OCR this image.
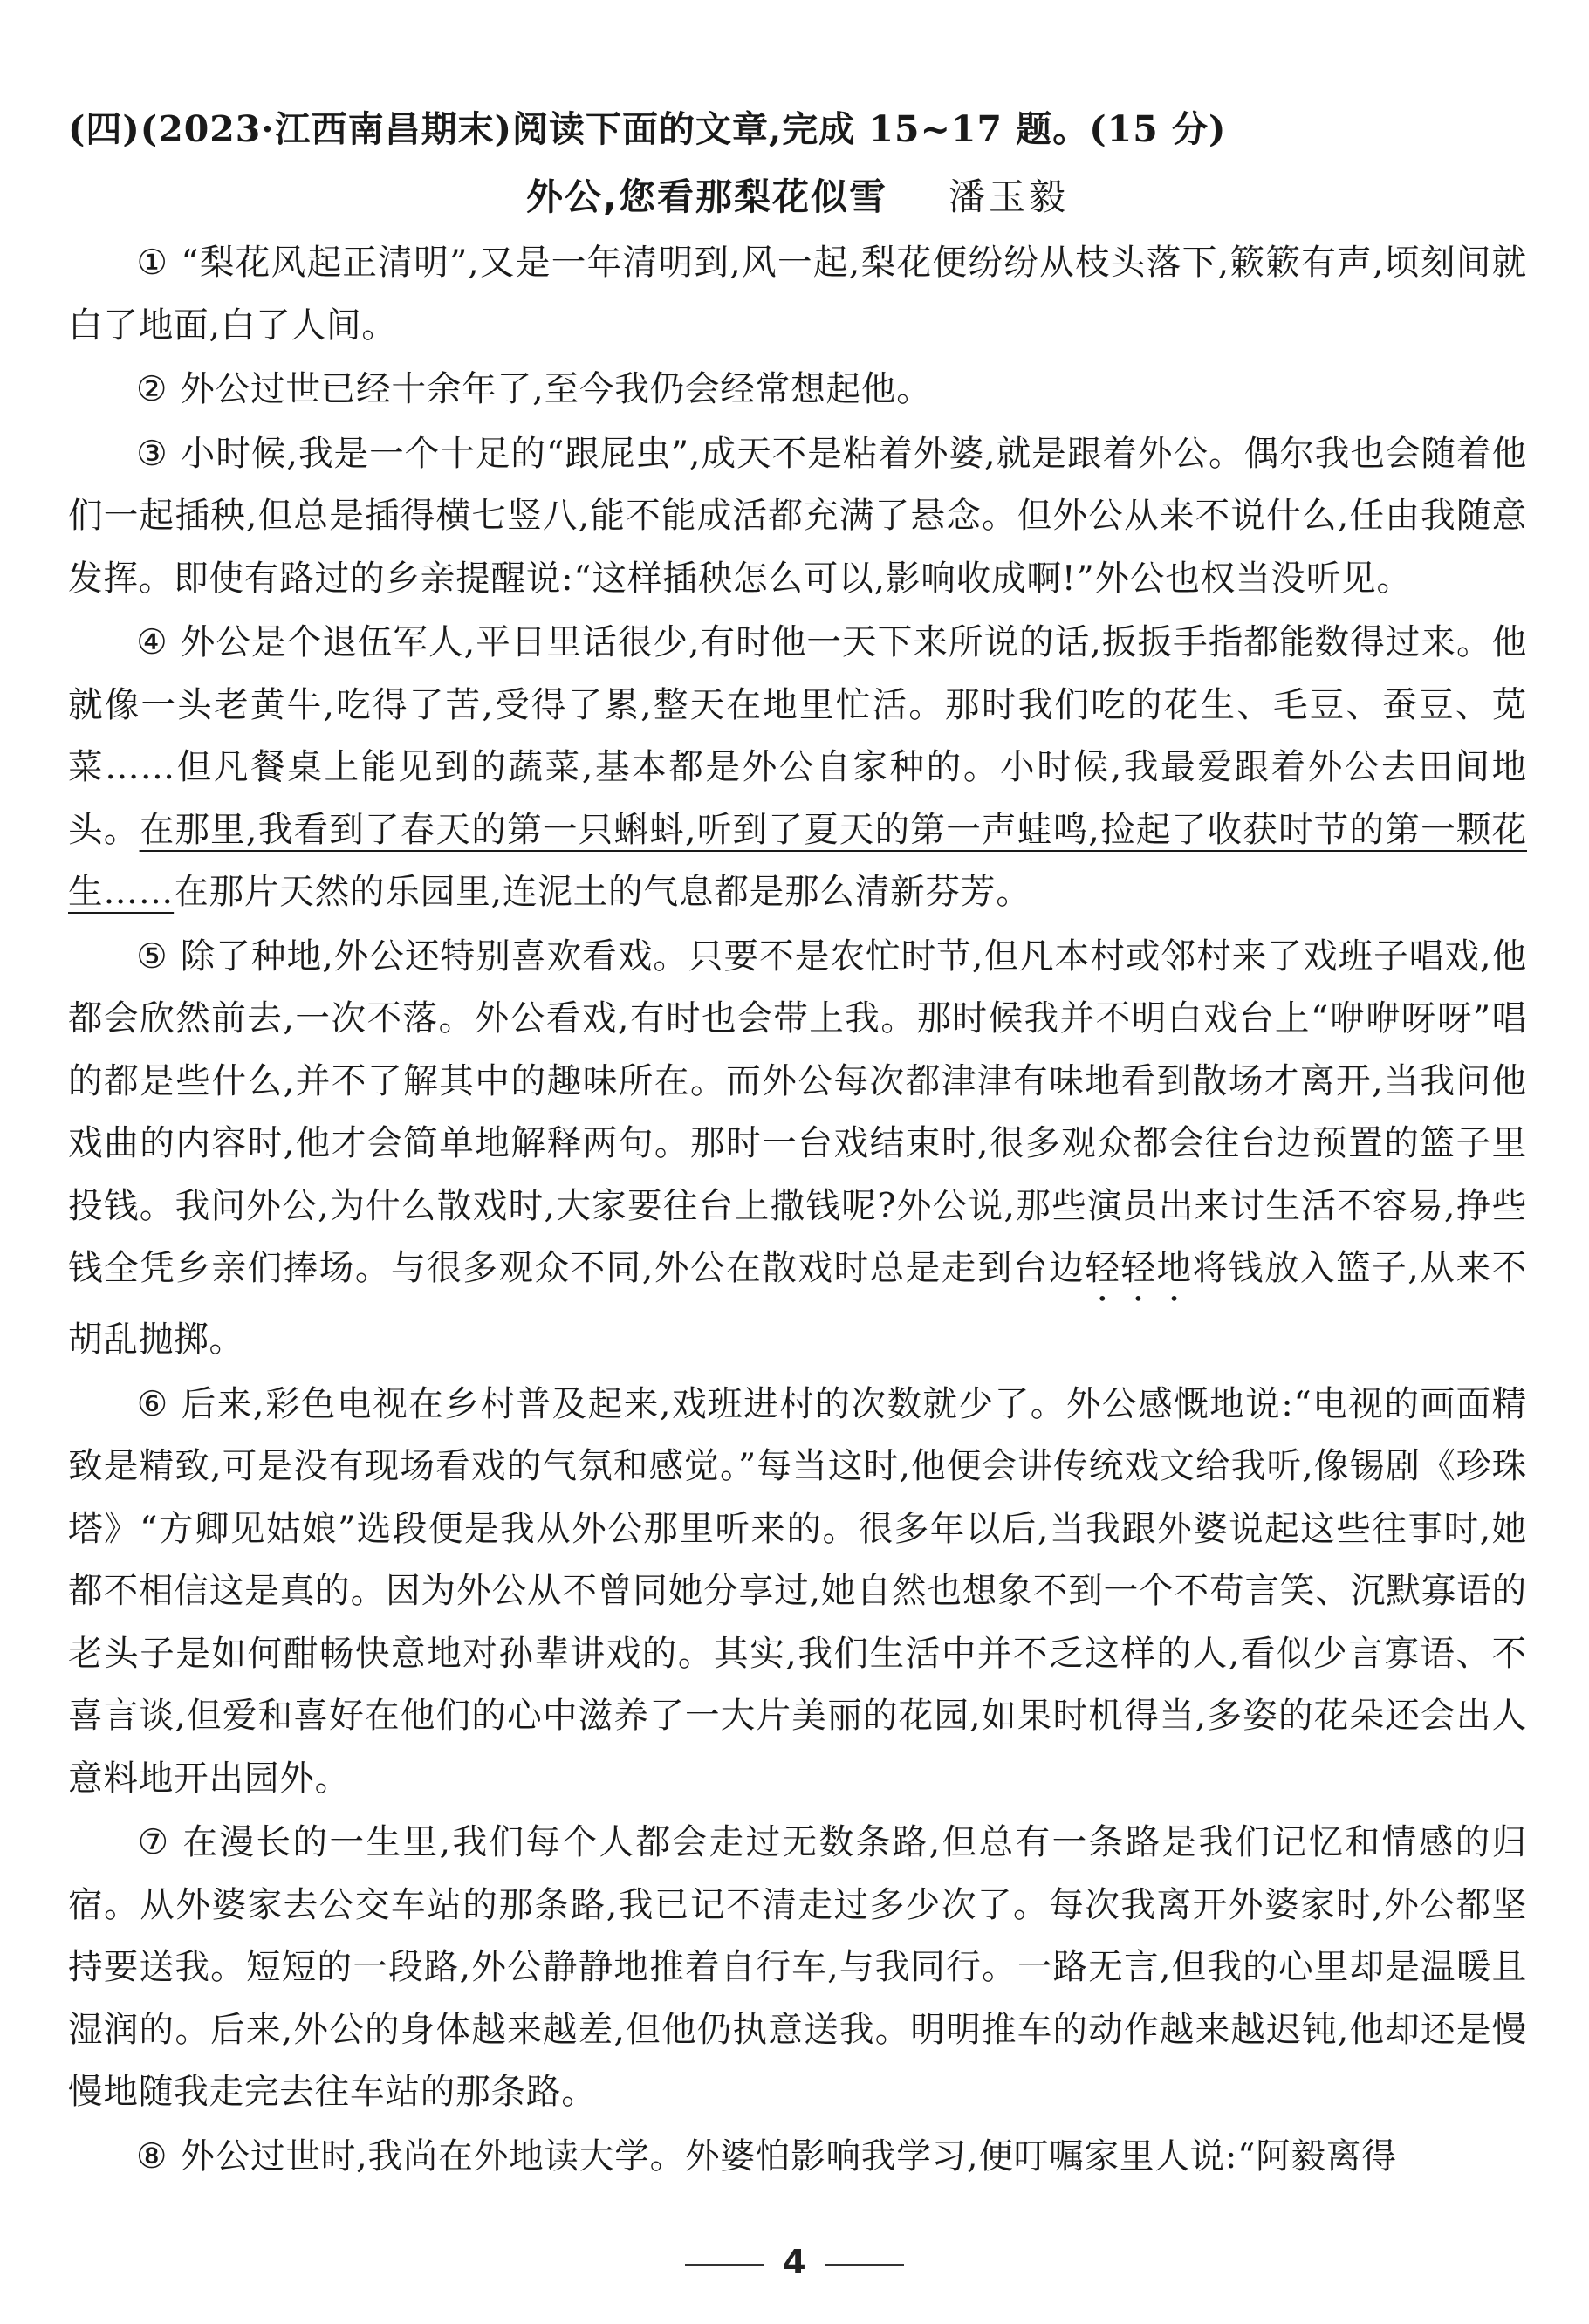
(四)(2023·江西南昌期末)阅读下面的文章,完成 15~17 题。(15 分)
外公,您看那梨花似雪 潘玉毅

① “梨花风起正清明”,又是一年清明到,风一起,梨花便纷纷从枝头落下,簌簌有声,顷刻间就白了地面,白了人间。

② 外公过世已经十余年了,至今我仍会经常想起他。

③ 小时候,我是一个十足的“跟屁虫”,成天不是粘着外婆,就是跟着外公。偶尔我也会随着他们一起插秧,但总是插得横七竖八,能不能成活都充满了悬念。但外公从来不说什么,任由我随意发挥。即使有路过的乡亲提醒说:“这样插秧怎么可以,影响收成啊!”外公也权当没听见。

④ 外公是个退伍军人,平日里话很少,有时他一天下来所说的话,扳扳手指都能数得过来。他就像一头老黄牛,吃得了苦,受得了累,整天在地里忙活。那时我们吃的花生、毛豆、蚕豆、苋菜……但凡餐桌上能见到的蔬菜,基本都是外公自家种的。小时候,我最爱跟着外公去田间地头。在那里,我看到了春天的第一只蝌蚪,听到了夏天的第一声蛙鸣,捡起了收获时节的第一颗花生……在那片天然的乐园里,连泥土的气息都是那么清新芬芳。

⑤ 除了种地,外公还特别喜欢看戏。只要不是农忙时节,但凡本村或邻村来了戏班子唱戏,他都会欣然前去,一次不落。外公看戏,有时也会带上我。那时候我并不明白戏台上“咿咿呀呀”唱的都是些什么,并不了解其中的趣味所在。而外公每次都津津有味地看到散场才离开,当我问他戏曲的内容时,他才会简单地解释两句。那时一台戏结束时,很多观众都会往台边预置的篮子里投钱。我问外公,为什么散戏时,大家要往台上撒钱呢?外公说,那些演员出来讨生活不容易,挣些钱全凭乡亲们捧场。与很多观众不同,外公在散戏时总是走到台边轻轻地将钱放入篮子,从来不胡乱抛掷。

⑥ 后来,彩色电视在乡村普及起来,戏班进村的次数就少了。外公感慨地说:“电视的画面精致是精致,可是没有现场看戏的气氛和感觉。”每当这时,他便会讲传统戏文给我听,像锡剧《珍珠塔》“方卿见姑娘”选段便是我从外公那里听来的。很多年以后,当我跟外婆说起这些往事时,她都不相信这是真的。因为外公从不曾同她分享过,她自然也想象不到一个不苟言笑、沉默寡语的老头子是如何酣畅快意地对孙辈讲戏的。其实,我们生活中并不乏这样的人,看似少言寡语、不喜言谈,但爱和喜好在他们的心中滋养了一大片美丽的花园,如果时机得当,多姿的花朵还会出人意料地开出园外。

⑦ 在漫长的一生里,我们每个人都会走过无数条路,但总有一条路是我们记忆和情感的归宿。从外婆家去公交车站的那条路,我已记不清走过多少次了。每次我离开外婆家时,外公都坚持要送我。短短的一段路,外公静静地推着自行车,与我同行。一路无言,但我的心里却是温暖且湿润的。后来,外公的身体越来越差,但他仍执意送我。明明推车的动作越来越迟钝,他却还是慢慢地随我走完去往车站的那条路。

⑧ 外公过世时,我尚在外地读大学。外婆怕影响我学习,便叮嘱家里人说:“阿毅离得

4
